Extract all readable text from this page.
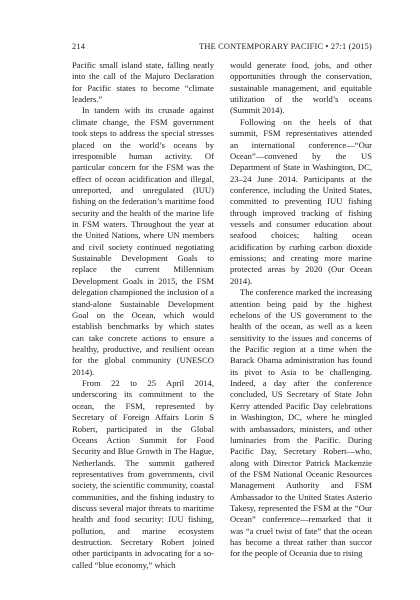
214	THE CONTEMPORARY PACIFIC • 27:1 (2015)

Pacific small island state, falling neatly into the call of the Majuro Declaration for Pacific states to become “climate leaders.”

In tandem with its crusade against climate change, the FSM government took steps to address the special stresses placed on the world’s oceans by irresponsible human activity. Of particular concern for the FSM was the effect of ocean acidification and illegal, unreported, and unregulated (IUU) fishing on the federation’s maritime food security and the health of the marine life in FSM waters. Throughout the year at the United Nations, where UN members and civil society continued negotiating Sustainable Development Goals to replace the current Millennium Development Goals in 2015, the FSM delegation championed the inclusion of a stand-alone Sustainable Development Goal on the Ocean, which would establish benchmarks by which states can take concrete actions to ensure a healthy, productive, and resilient ocean for the global community (UNESCO 2014).

From 22 to 25 April 2014, underscoring its commitment to the ocean, the FSM, represented by Secretary of Foreign Affairs Lorin S Robert, participated in the Global Oceans Action Summit for Food Security and Blue Growth in The Hague, Netherlands. The summit gathered representatives from governments, civil society, the scientific community, coastal communities, and the fishing industry to discuss several major threats to maritime health and food security: IUU fishing, pollution, and marine ecosystem destruction. Secretary Robert joined other participants in advocating for a so-called “blue economy,” which

would generate food, jobs, and other opportunities through the conservation, sustainable management, and equitable utilization of the world’s oceans (Summit 2014).

Following on the heels of that summit, FSM representatives attended an international conference—“Our Ocean”—convened by the US Department of State in Washington, DC, 23–24 June 2014. Participants at the conference, including the United States, committed to preventing IUU fishing through improved tracking of fishing vessels and consumer education about seafood choices; halting ocean acidification by curbing carbon dioxide emissions; and creating more marine protected areas by 2020 (Our Ocean 2014).

The conference marked the increasing attention being paid by the highest echelons of the US government to the health of the ocean, as well as a keen sensitivity to the issues and concerns of the Pacific region at a time when the Barack Obama administration has found its pivot to Asia to be challenging. Indeed, a day after the conference concluded, US Secretary of State John Kerry attended Pacific Day celebrations in Washington, DC, where he mingled with ambassadors, ministers, and other luminaries from the Pacific. During Pacific Day, Secretary Robert—who, along with Director Patrick Mackenzie of the FSM National Oceanic Resources Management Authority and FSM Ambassador to the United States Asterio Takesy, represented the FSM at the “Our Ocean” conference—remarked that it was “a cruel twist of fate” that the ocean has become a threat rather than succor for the people of Oceania due to rising
